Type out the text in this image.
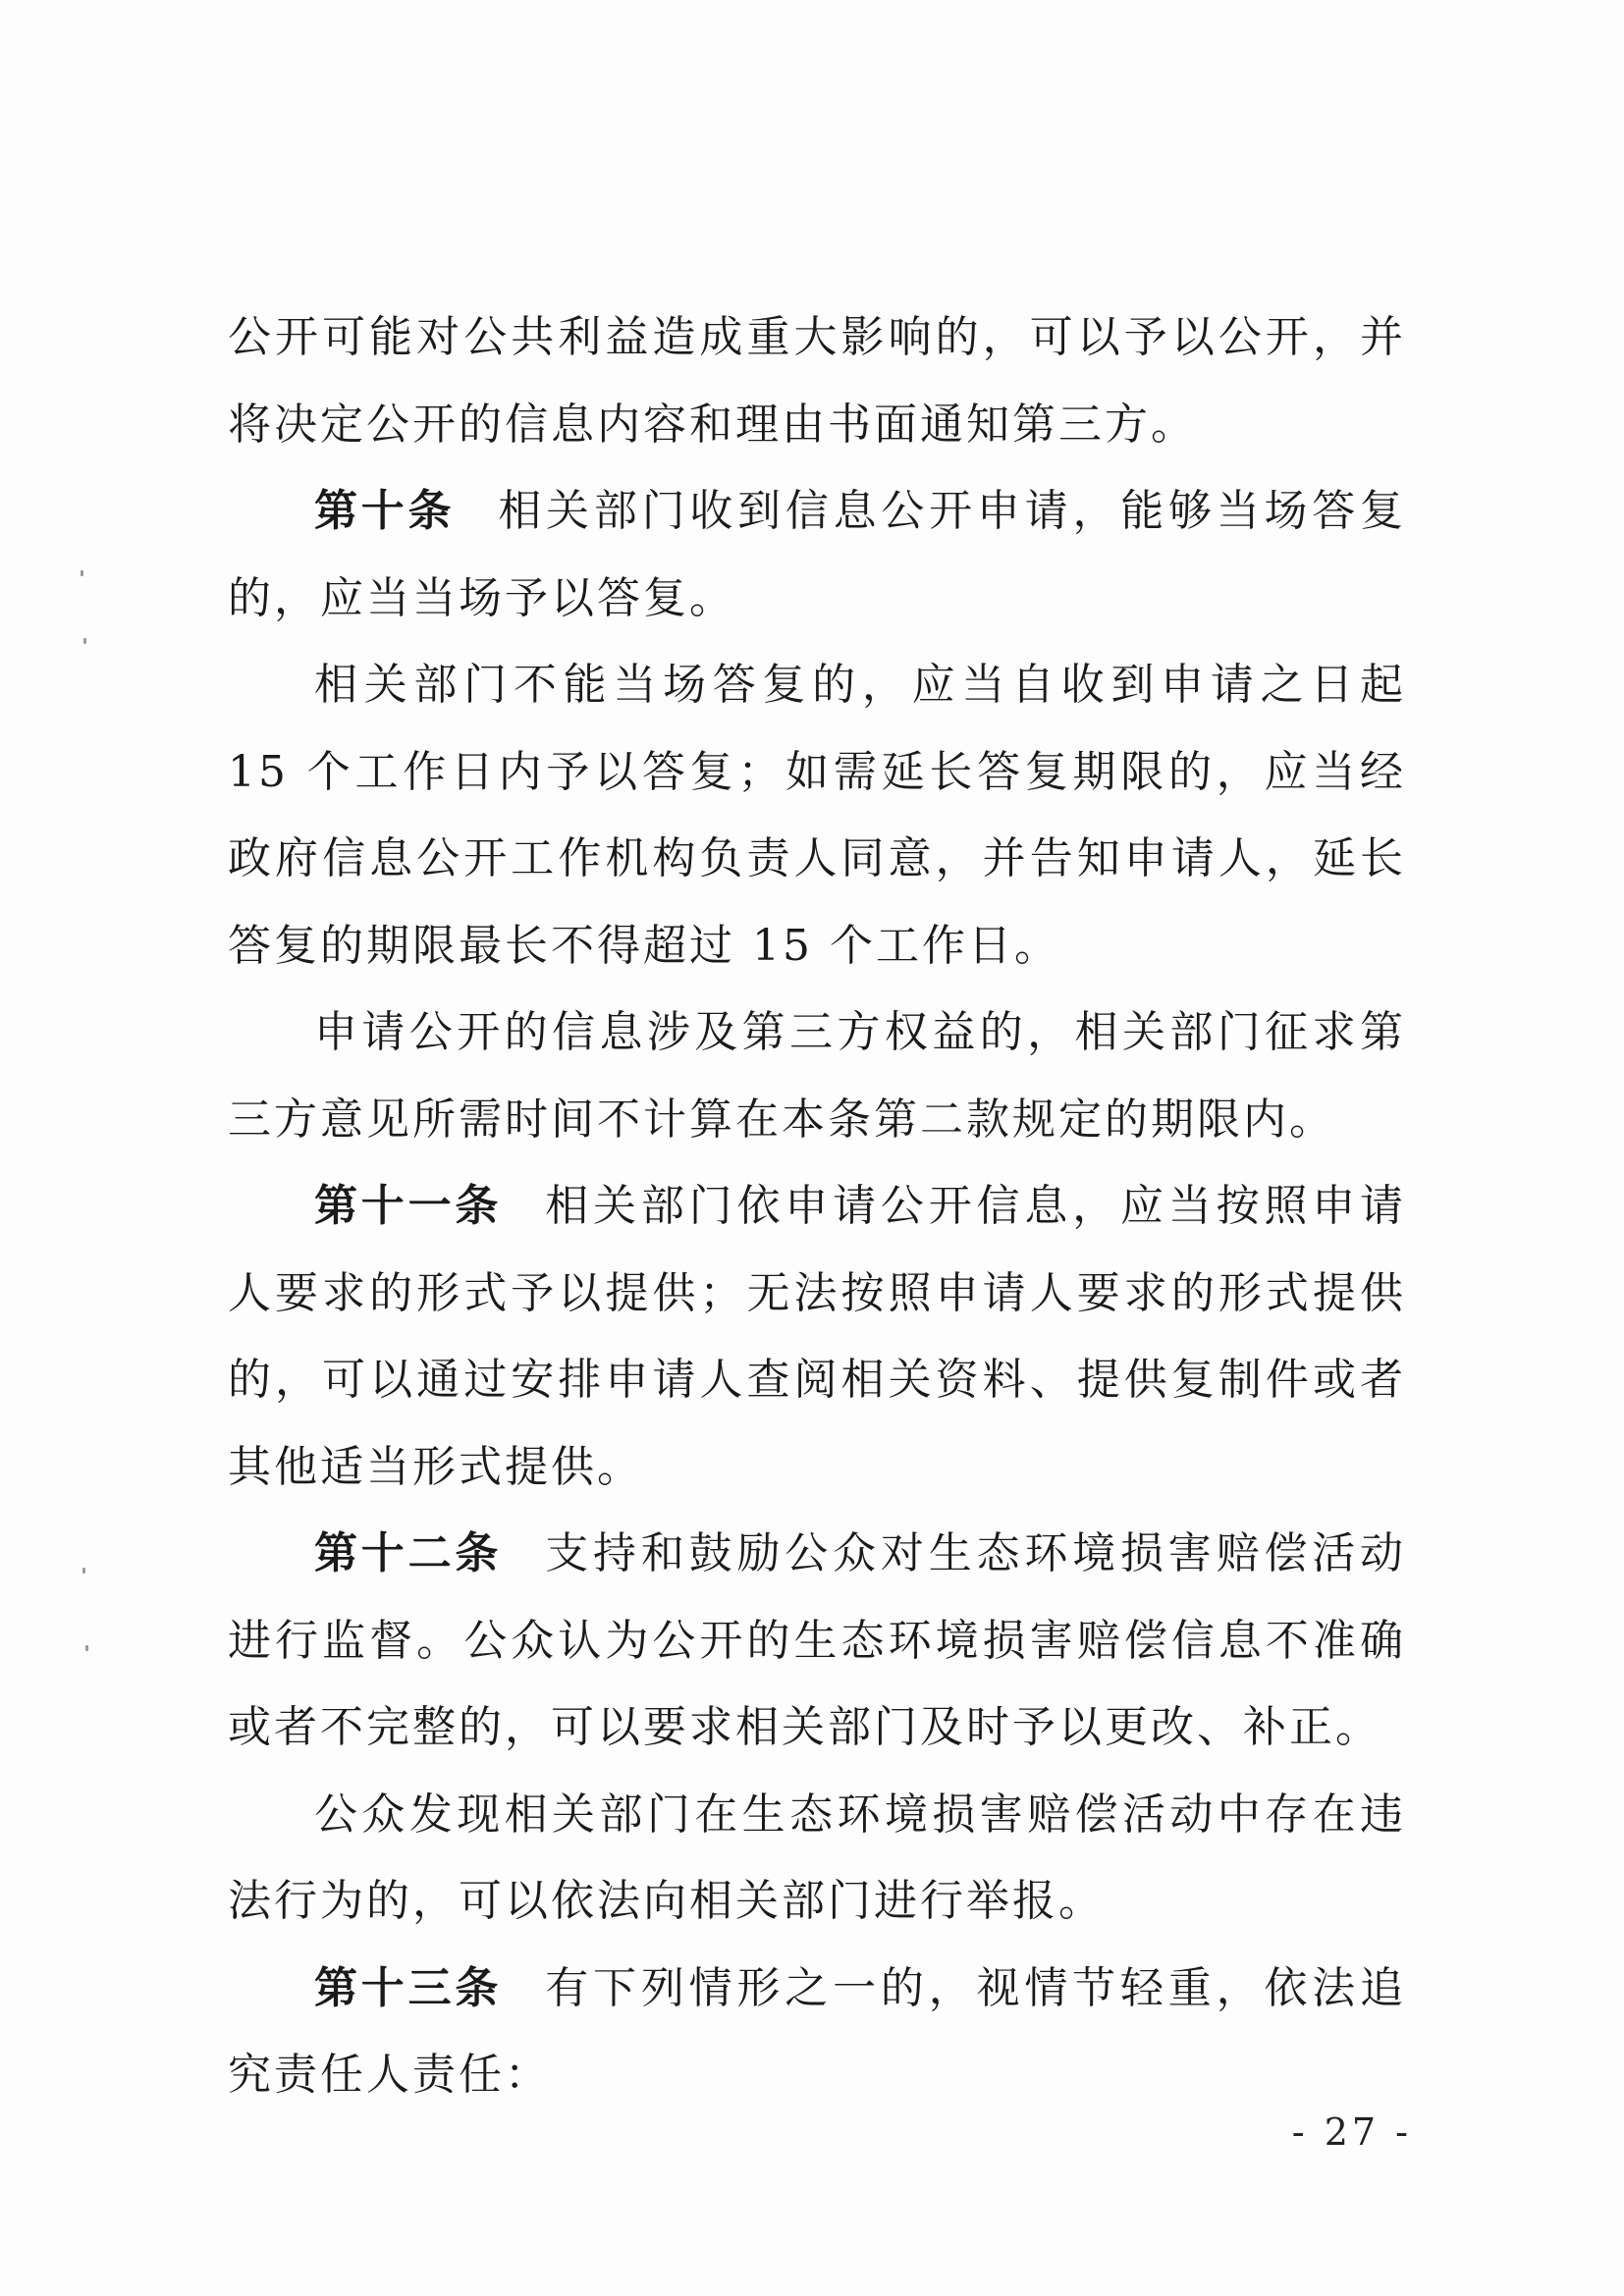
公开可能对公共利益造成重大影响的，可以予以公开，并将决定公开的信息内容和理由书面通知第三方。

第十条 相关部门收到信息公开申请，能够当场答复的，应当当场予以答复。

相关部门不能当场答复的，应当自收到申请之日起 15 个工作日内予以答复；如需延长答复期限的，应当经政府信息公开工作机构负责人同意，并告知申请人，延长答复的期限最长不得超过 15 个工作日。

申请公开的信息涉及第三方权益的，相关部门征求第三方意见所需时间不计算在本条第二款规定的期限内。

第十一条 相关部门依申请公开信息，应当按照申请人要求的形式予以提供；无法按照申请人要求的形式提供的，可以通过安排申请人查阅相关资料、提供复制件或者其他适当形式提供。

第十二条 支持和鼓励公众对生态环境损害赔偿活动进行监督。公众认为公开的生态环境损害赔偿信息不准确或者不完整的，可以要求相关部门及时予以更改、补正。

公众发现相关部门在生态环境损害赔偿活动中存在违法行为的，可以依法向相关部门进行举报。

第十三条 有下列情形之一的，视情节轻重，依法追究责任人责任：

- 27 -
